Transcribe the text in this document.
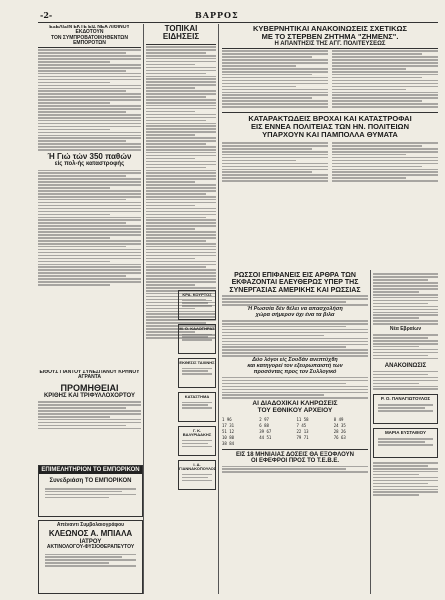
-2-	ΒΑΡΡΟΣ
ΕΞΕΛΙΞΙΝ ΕΚΤΕ ΕΙΣ ΝΕΑ ΛΙΘΙΝΟΥ ΕΚΔΟΤΟΥΝ
ΤΟΝ ΣΥΜΠΡΟΒΑΤΟΙΚΗΘΕΝΤΩΝ ΕΜΠΟΡΟΤΩΝ
Ή Γιώ τών 350 παθών
είς πολ-ής καταστροφής
ΕΙΘΟΥΣ ΓΙΑΝΤΟΥ ΣΥΝΕΣΠΑΝΟΥ ΚΡΗΝΟΥ ΑΓΡΑΝΤΑ
ΠΡΟΜΗΘΕΙΑΙ
ΚΡΙΘΗΣ ΚΑΙ ΤΡΙΦΥΛΛΟΧΟΡΤΟΥ
ΕΠΙΜΕΛΗΤΗΡΙΟΝ ΤΟ ΕΜΠΟΡΙΚΟΝ
Συνεδριάση ΤΟ ΕΜΠΟΡΙΚΟΝ
Απέναντι Συμβολαιογράφου
ΚΛΕΩΝΟΣ Α. ΜΠΙΑΛΑ
ΙΑΤΡΟΥ
ΑΚΤΙΝΟΛΟΓΟΥ-ΦΥΣΙΟΘΕΡΑΠΕΥΤΟΥ
ΤΟΠΙΚΑΙ ΕΙΔΗΣΕΙΣ
ΚΡΑ. ΚΟΥΡΤΟΣ
Μ. Ο. ΚΑΛΟΓΗΡΑΣ
ΕΚΘΕΣΙΣ ΤΑΧΙΝΗΣ
ΚΑΤΑΣΤΗΜΑ
Γ. Κ. ΒΑΛΥΡΙΔΑΚΗΣ
Ι. Δ. ΓΙΑΝΝΑΚΟΠΟΥΛΟΣ
ΚΥΒΕΡΝΗΤΙΚΑΙ ΑΝΑΚΟΙΝΩΣΕΙΣ ΣΧΕΤΙΚΩΣ
ΜΕ ΤΟ ΣΤΕΡΒΕΝ ΖΗΤΗΜΑ "ΖΗΜΕΝΣ".
Η ΑΠΑΝΤΗΣΙΣ ΤΗΣ ΑΓΓ. ΠΟΛΙΤΕΥΣΕΩΣ
ΚΑΤΑΡΑΚΤΩΔΕΙΣ ΒΡΟΧΑΙ ΚΑΙ ΚΑΤΑΣΤΡΟΦΑΙ
ΕΙΣ ΕΝΝΕΑ ΠΟΛΙΤΕΙΑΣ ΤΩΝ ΗΝ. ΠΟΛΙΤΕΙΩΝ
ΥΠΑΡΧΟΥΝ ΚΑΙ ΠΑΜΠΟΛΛΑ ΘΥΜΑΤΑ
ΡΩΣΣΟΙ ΕΠΙΦΑΝΕΙΣ ΕΙΣ ΑΡΘΡΑ ΤΩΝ
ΕΚΦΑΖΟΝΤΑΙ ΕΛΕΥΘΕΡΩΣ ΥΠΕΡ ΤΗΣ
ΣΥΝΕΡΓΑΣΙΑΣ ΑΜΕΡΙΚΗΣ ΚΑΙ ΡΩΣΣΙΑΣ
Ή Ρωσσία δέν θέλει να απασχολήση
χώρα σήμερον όχι ένα τα βιλα
Δύο λόγοι είς Σουδάν ανεπτύχθη
και κατηγορεί τον εξευρωπαιστή των
προσόντας προς τον Συλλογικό
ΑΙ ΔΙΑΔΟΧΙΚΑΙ ΚΛΗΡΩΣΕΙΣ
ΤΟΥ ΕΘΝΙΚΟΥ ΑΡΧΕΙΟΥ
1 96	2 97	11 58	8 49
17 31	6 88	7 45	24 35
51 12	39 67	22 13	28 26
10 80	44 51	79 71	76 63
38 84
ΕΙΣ 18 ΜΗΝΙΑΙΑΣ ΔΟΣΕΙΣ ΘΑ ΕΞΟΦΛΟΥΝ
ΟΙ ΕΦΕΦΡΟΙ ΠΡΟΣ ΤΟ Τ.Ε.Β.Ε.
Νέα Εβραίων
ΑΝΑΚΟΙΝΩΣΙΣ
Ρ. Ο. ΠΑΝΑΓΙΩΤΟΥΛΟΣ
ΜΑΡΙΑ ΕΥΣΤΑΘΙΟΥ
